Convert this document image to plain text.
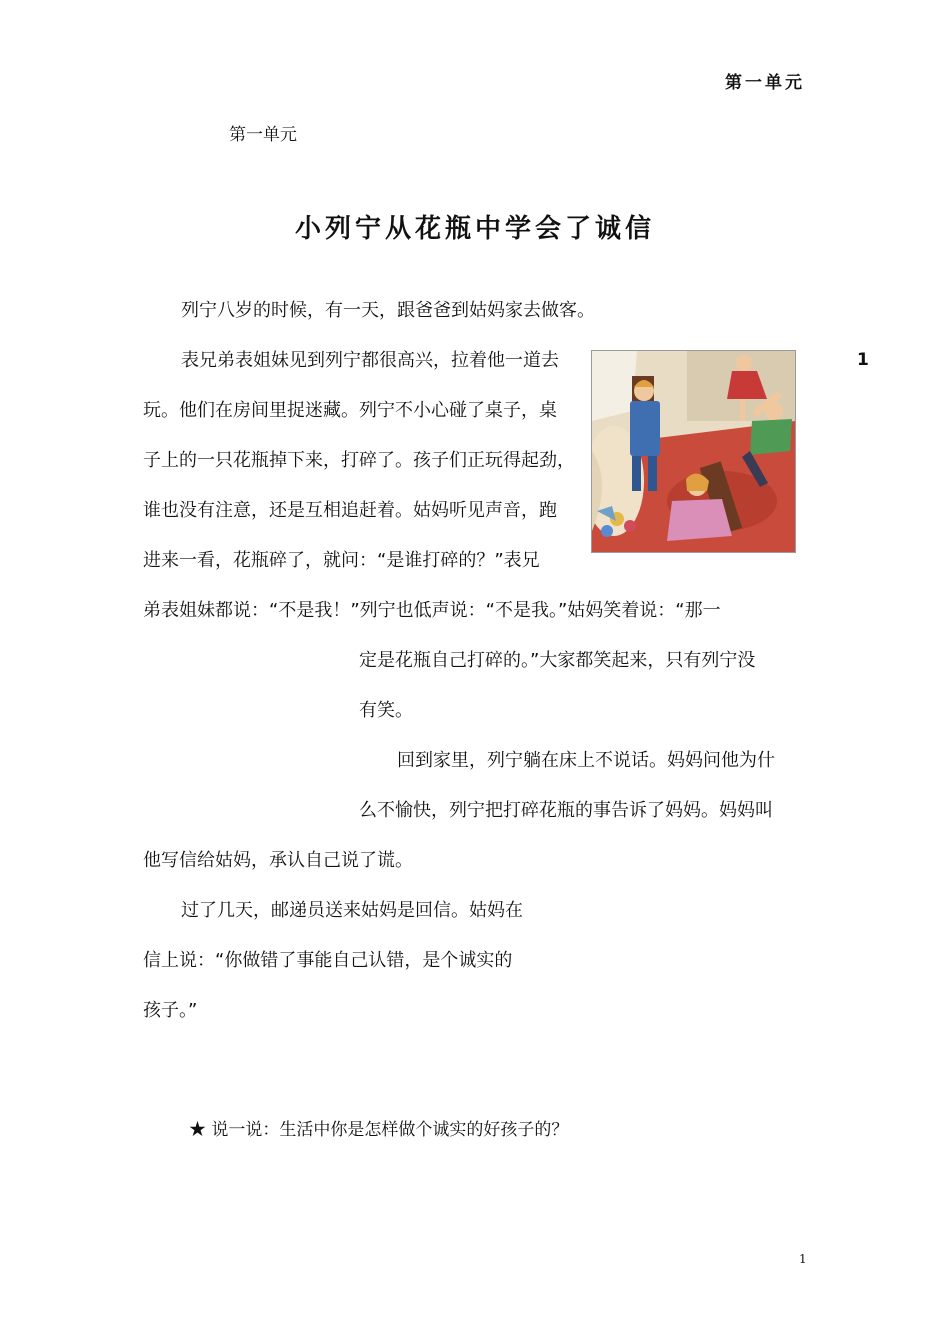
第一单元
第一单元
小列宁从花瓶中学会了诚信
1
列宁八岁的时候，有一天，跟爸爸到姑妈家去做客。
表兄弟表姐妹见到列宁都很高兴，拉着他一道去
玩。他们在房间里捉迷藏。列宁不小心碰了桌子，桌
子上的一只花瓶掉下来，打碎了。孩子们正玩得起劲，
谁也没有注意，还是互相追赶着。姑妈听见声音，跑
进来一看，花瓶碎了，就问：“是谁打碎的？”表兄
弟表姐妹都说：“不是我！”列宁也低声说：“不是我。”姑妈笑着说：“那一
定是花瓶自己打碎的。”大家都笑起来，只有列宁没
有笑。
回到家里，列宁躺在床上不说话。妈妈问他为什
么不愉快，列宁把打碎花瓶的事告诉了妈妈。妈妈叫
他写信给姑妈，承认自己说了谎。
过了几天，邮递员送来姑妈是回信。姑妈在
信上说：“你做错了事能自己认错，是个诚实的
孩子。”
★ 说一说：生活中你是怎样做个诚实的好孩子的？
1
